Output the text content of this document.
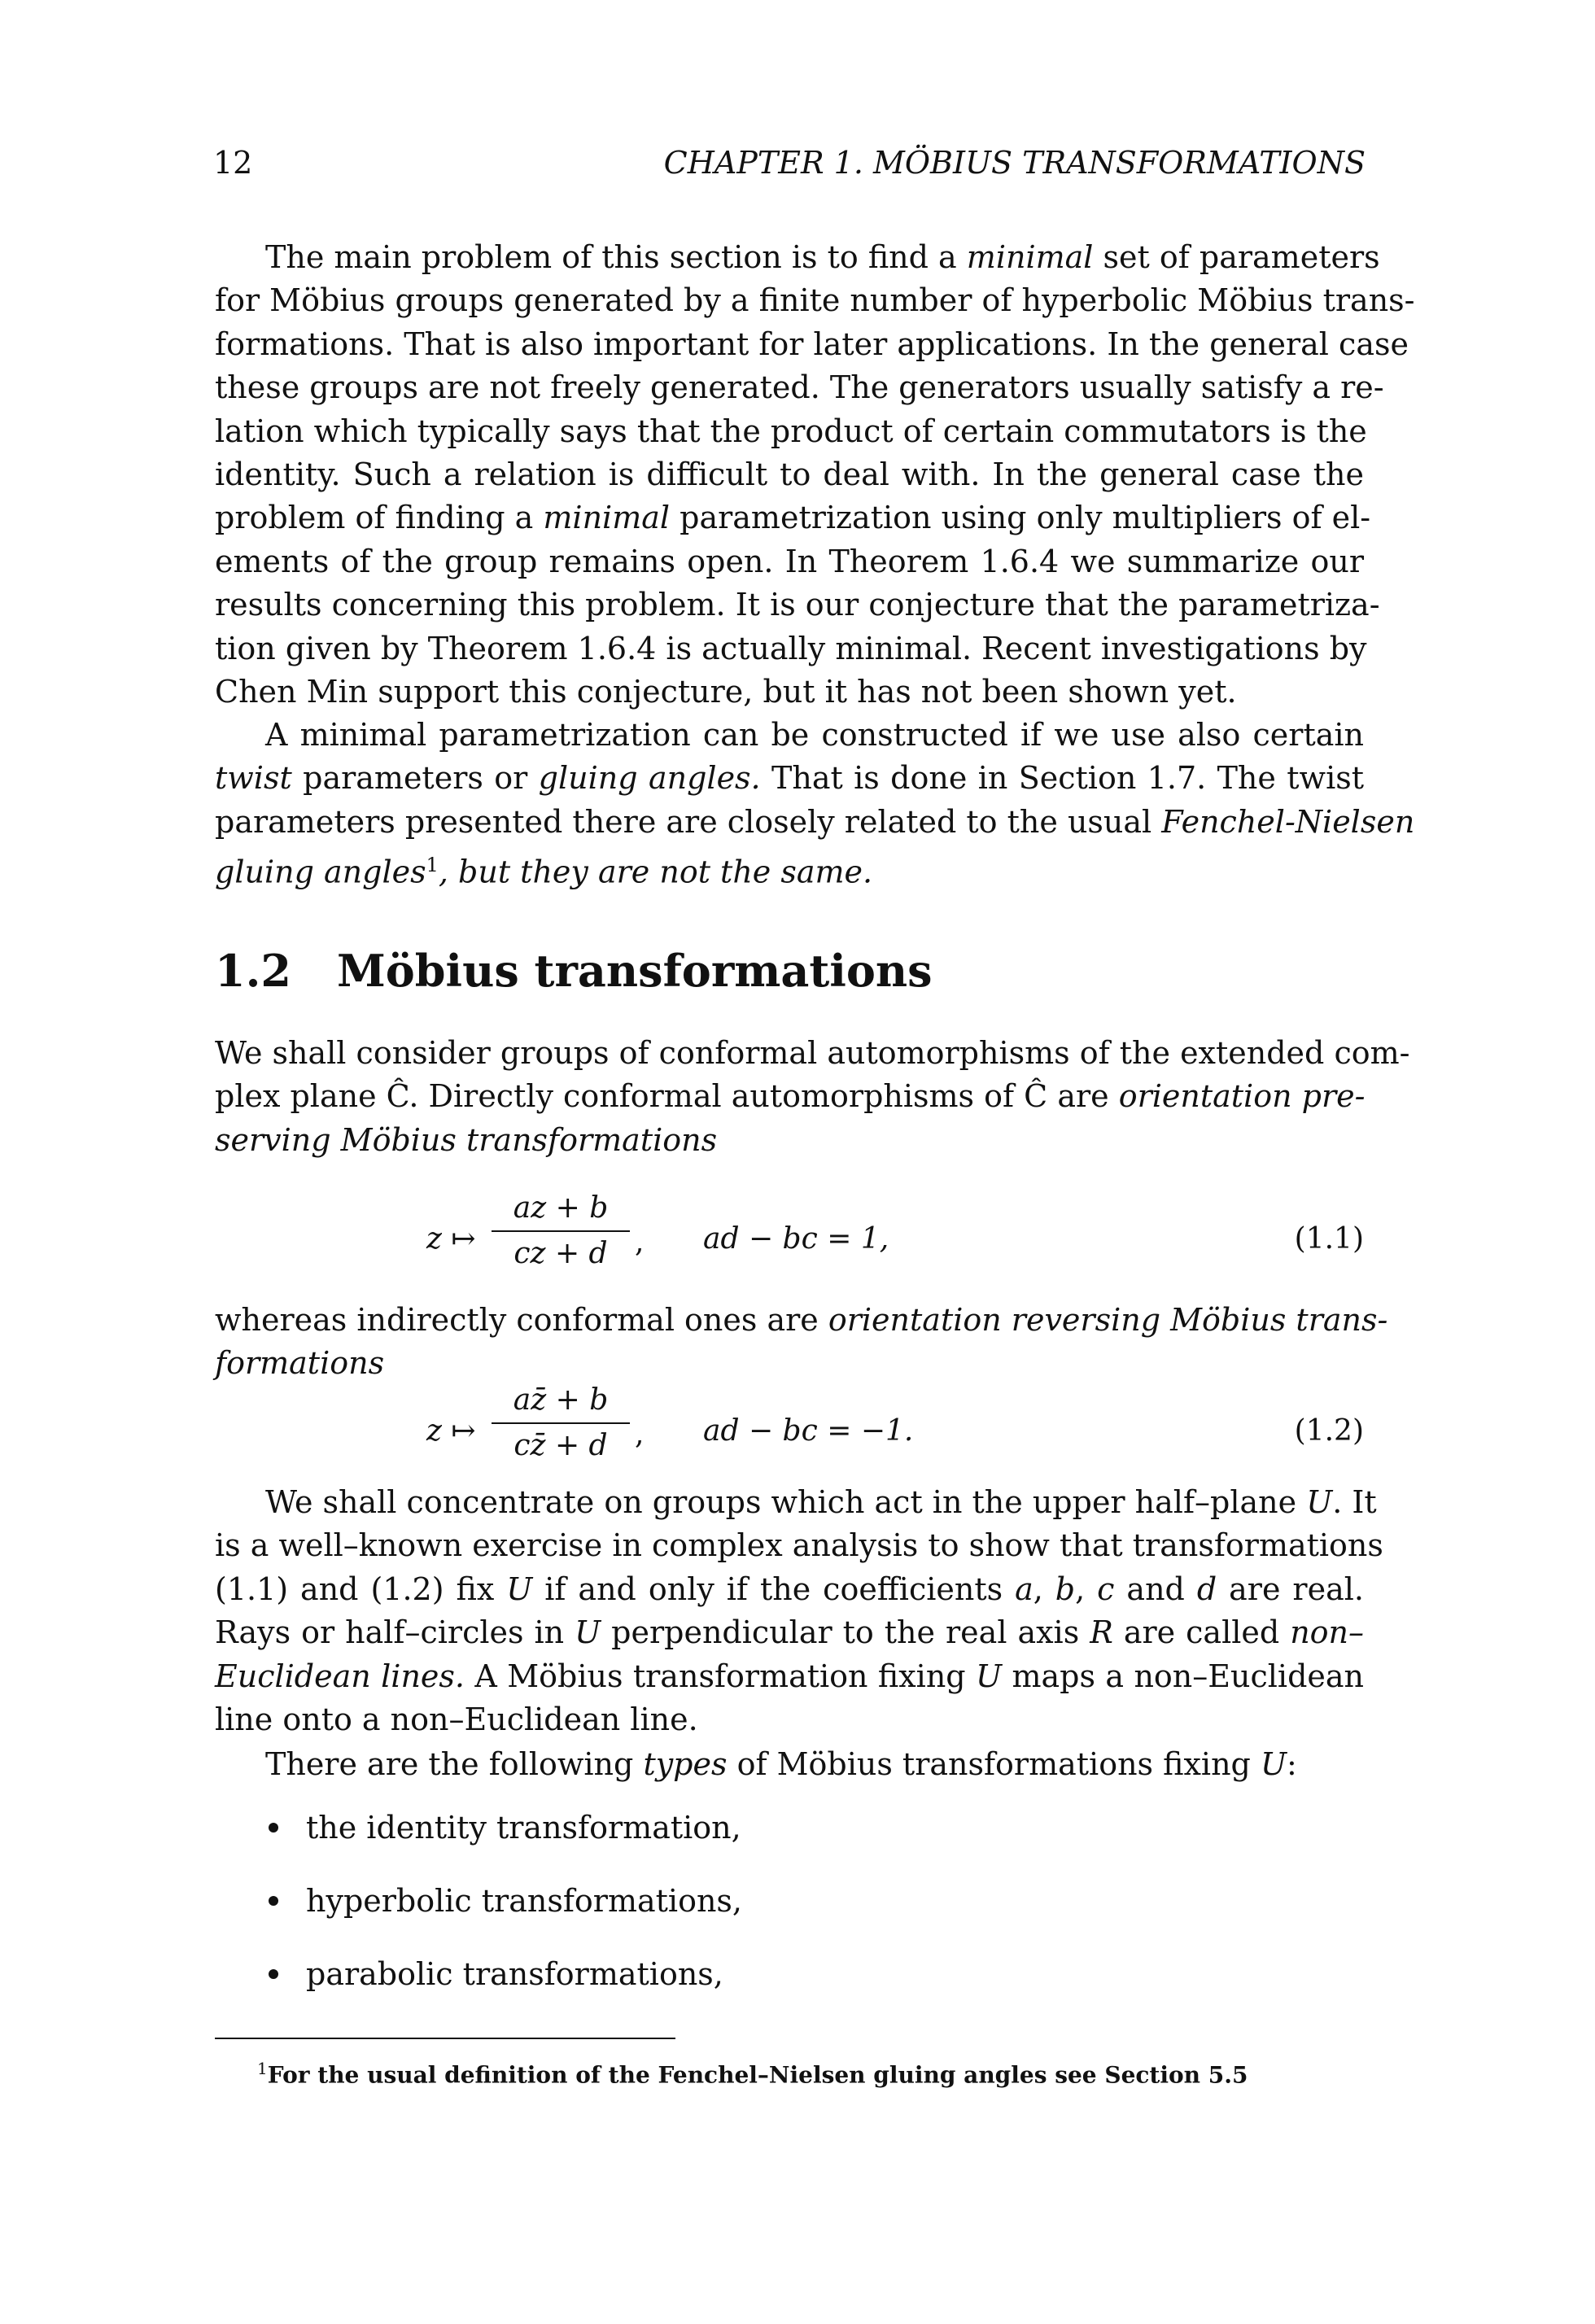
12	CHAPTER 1. MÖBIUS TRANSFORMATIONS

The main problem of this section is to find a minimal set of parameters
for Möbius groups generated by a finite number of hyperbolic Möbius trans-
formations. That is also important for later applications. In the general case
these groups are not freely generated. The generators usually satisfy a re-
lation which typically says that the product of certain commutators is the
identity. Such a relation is difficult to deal with. In the general case the
problem of finding a minimal parametrization using only multipliers of el-
ements of the group remains open. In Theorem 1.6.4 we summarize our
results concerning this problem. It is our conjecture that the parametriza-
tion given by Theorem 1.6.4 is actually minimal. Recent investigations by
Chen Min support this conjecture, but it has not been shown yet.

A minimal parametrization can be constructed if we use also certain
twist parameters or gluing angles. That is done in Section 1.7. The twist
parameters presented there are closely related to the usual Fenchel-Nielsen
gluing angles$^1$, but they are not the same.

1.2 Möbius transformations

We shall consider groups of conformal automorphisms of the extended com-
plex plane Ĉ. Directly conformal automorphisms of Ĉ are orientation pre-
serving Möbius transformations

z ↦
az + b
cz + d , ad − bc = 1,	(1.1)

whereas indirectly conformal ones are orientation reversing Möbius trans-
formations

z ↦
az̄ + b
cz̄ + d , ad − bc = −1.	(1.2)

We shall concentrate on groups which act in the upper half–plane U. It
is a well–known exercise in complex analysis to show that transformations
(1.1) and (1.2) fix U if and only if the coefficients a, b, c and d are real.
Rays or half–circles in U perpendicular to the real axis R are called non–
Euclidean lines. A Möbius transformation fixing U maps a non–Euclidean
line onto a non–Euclidean line.

There are the following types of Möbius transformations fixing U:

the identity transformation,
hyperbolic transformations,
parabolic transformations,
$^1$For the usual definition of the Fenchel–Nielsen gluing angles see Section 5.5
